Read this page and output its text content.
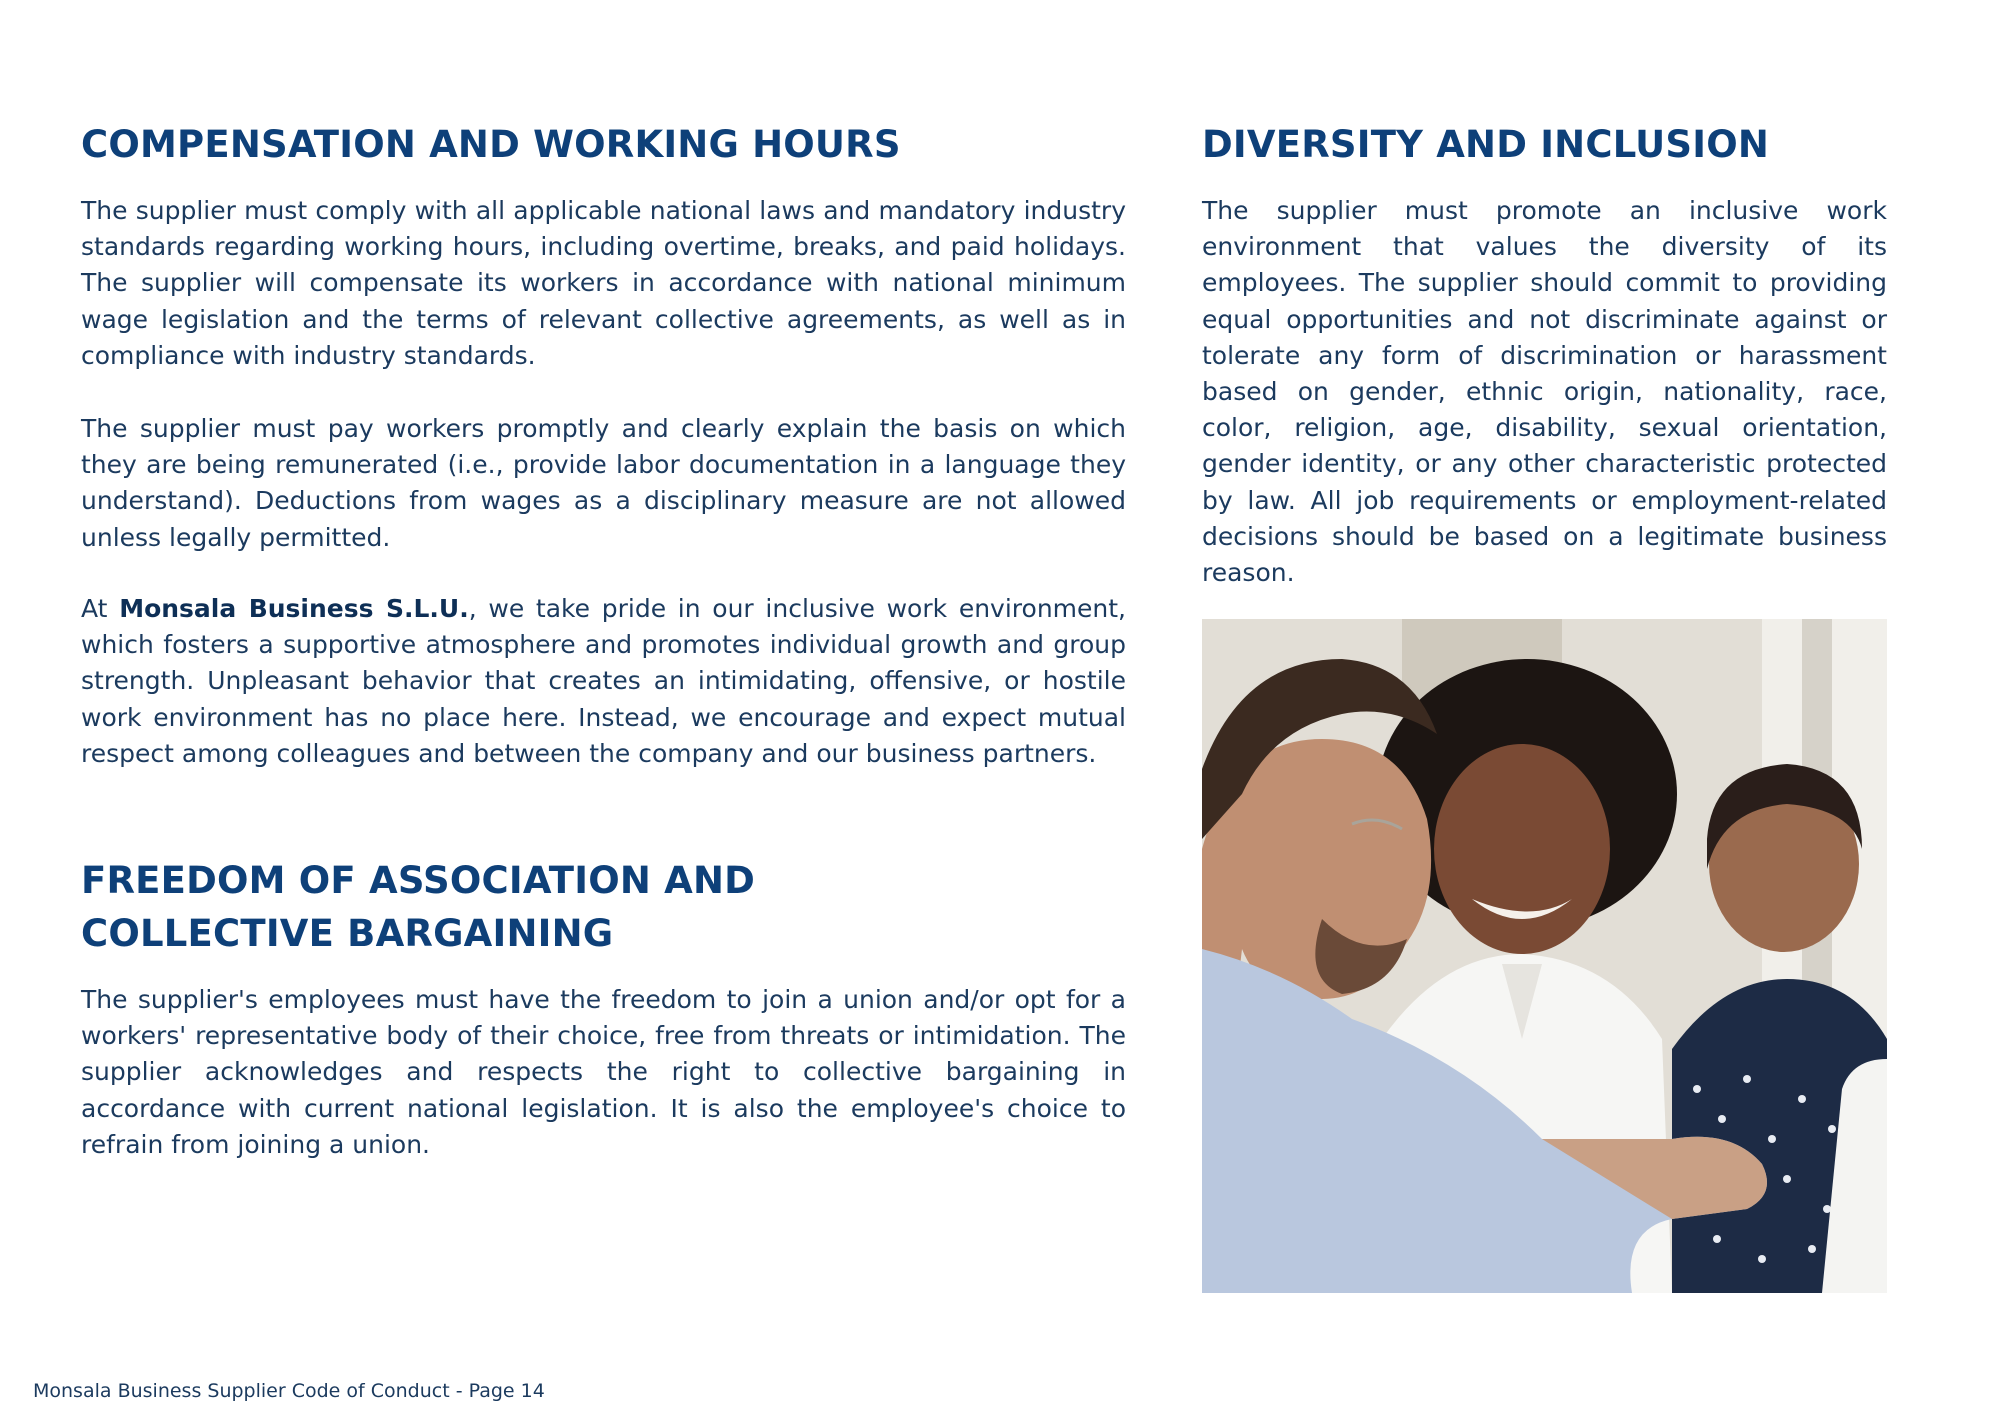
COMPENSATION AND WORKING HOURS

The supplier must comply with all applicable national laws and mandatory industry standards regarding working hours, including overtime, breaks, and paid holidays. The supplier will compensate its workers in accordance with national minimum wage legislation and the terms of relevant collective agreements, as well as in compliance with industry standards.

The supplier must pay workers promptly and clearly explain the basis on which they are being remunerated (i.e., provide labor documentation in a language they understand). Deductions from wages as a disciplinary measure are not allowed unless legally permitted.

At Monsala Business S.L.U., we take pride in our inclusive work environment, which fosters a supportive atmosphere and promotes individual growth and group strength. Unpleasant behavior that creates an intimidating, offensive, or hostile work environment has no place here. Instead, we encourage and expect mutual respect among colleagues and between the company and our business partners.

FREEDOM OF ASSOCIATION AND
COLLECTIVE BARGAINING

The supplier's employees must have the freedom to join a union and/or opt for a workers' representative body of their choice, free from threats or intimidation. The supplier acknowledges and respects the right to collective bargaining in accordance with current national legislation. It is also the employee's choice to refrain from joining a union.

DIVERSITY AND INCLUSION

The supplier must promote an inclusive work environment that values the diversity of its employees. The supplier should commit to providing equal opportunities and not discriminate against or tolerate any form of discrimination or harassment based on gender, ethnic origin, nationality, race, color, religion, age, disability, sexual orientation, gender identity, or any other characteristic protected by law. All job requirements or employment-related decisions should be based on a legitimate business reason.

Monsala Business Supplier Code of Conduct - Page 14
